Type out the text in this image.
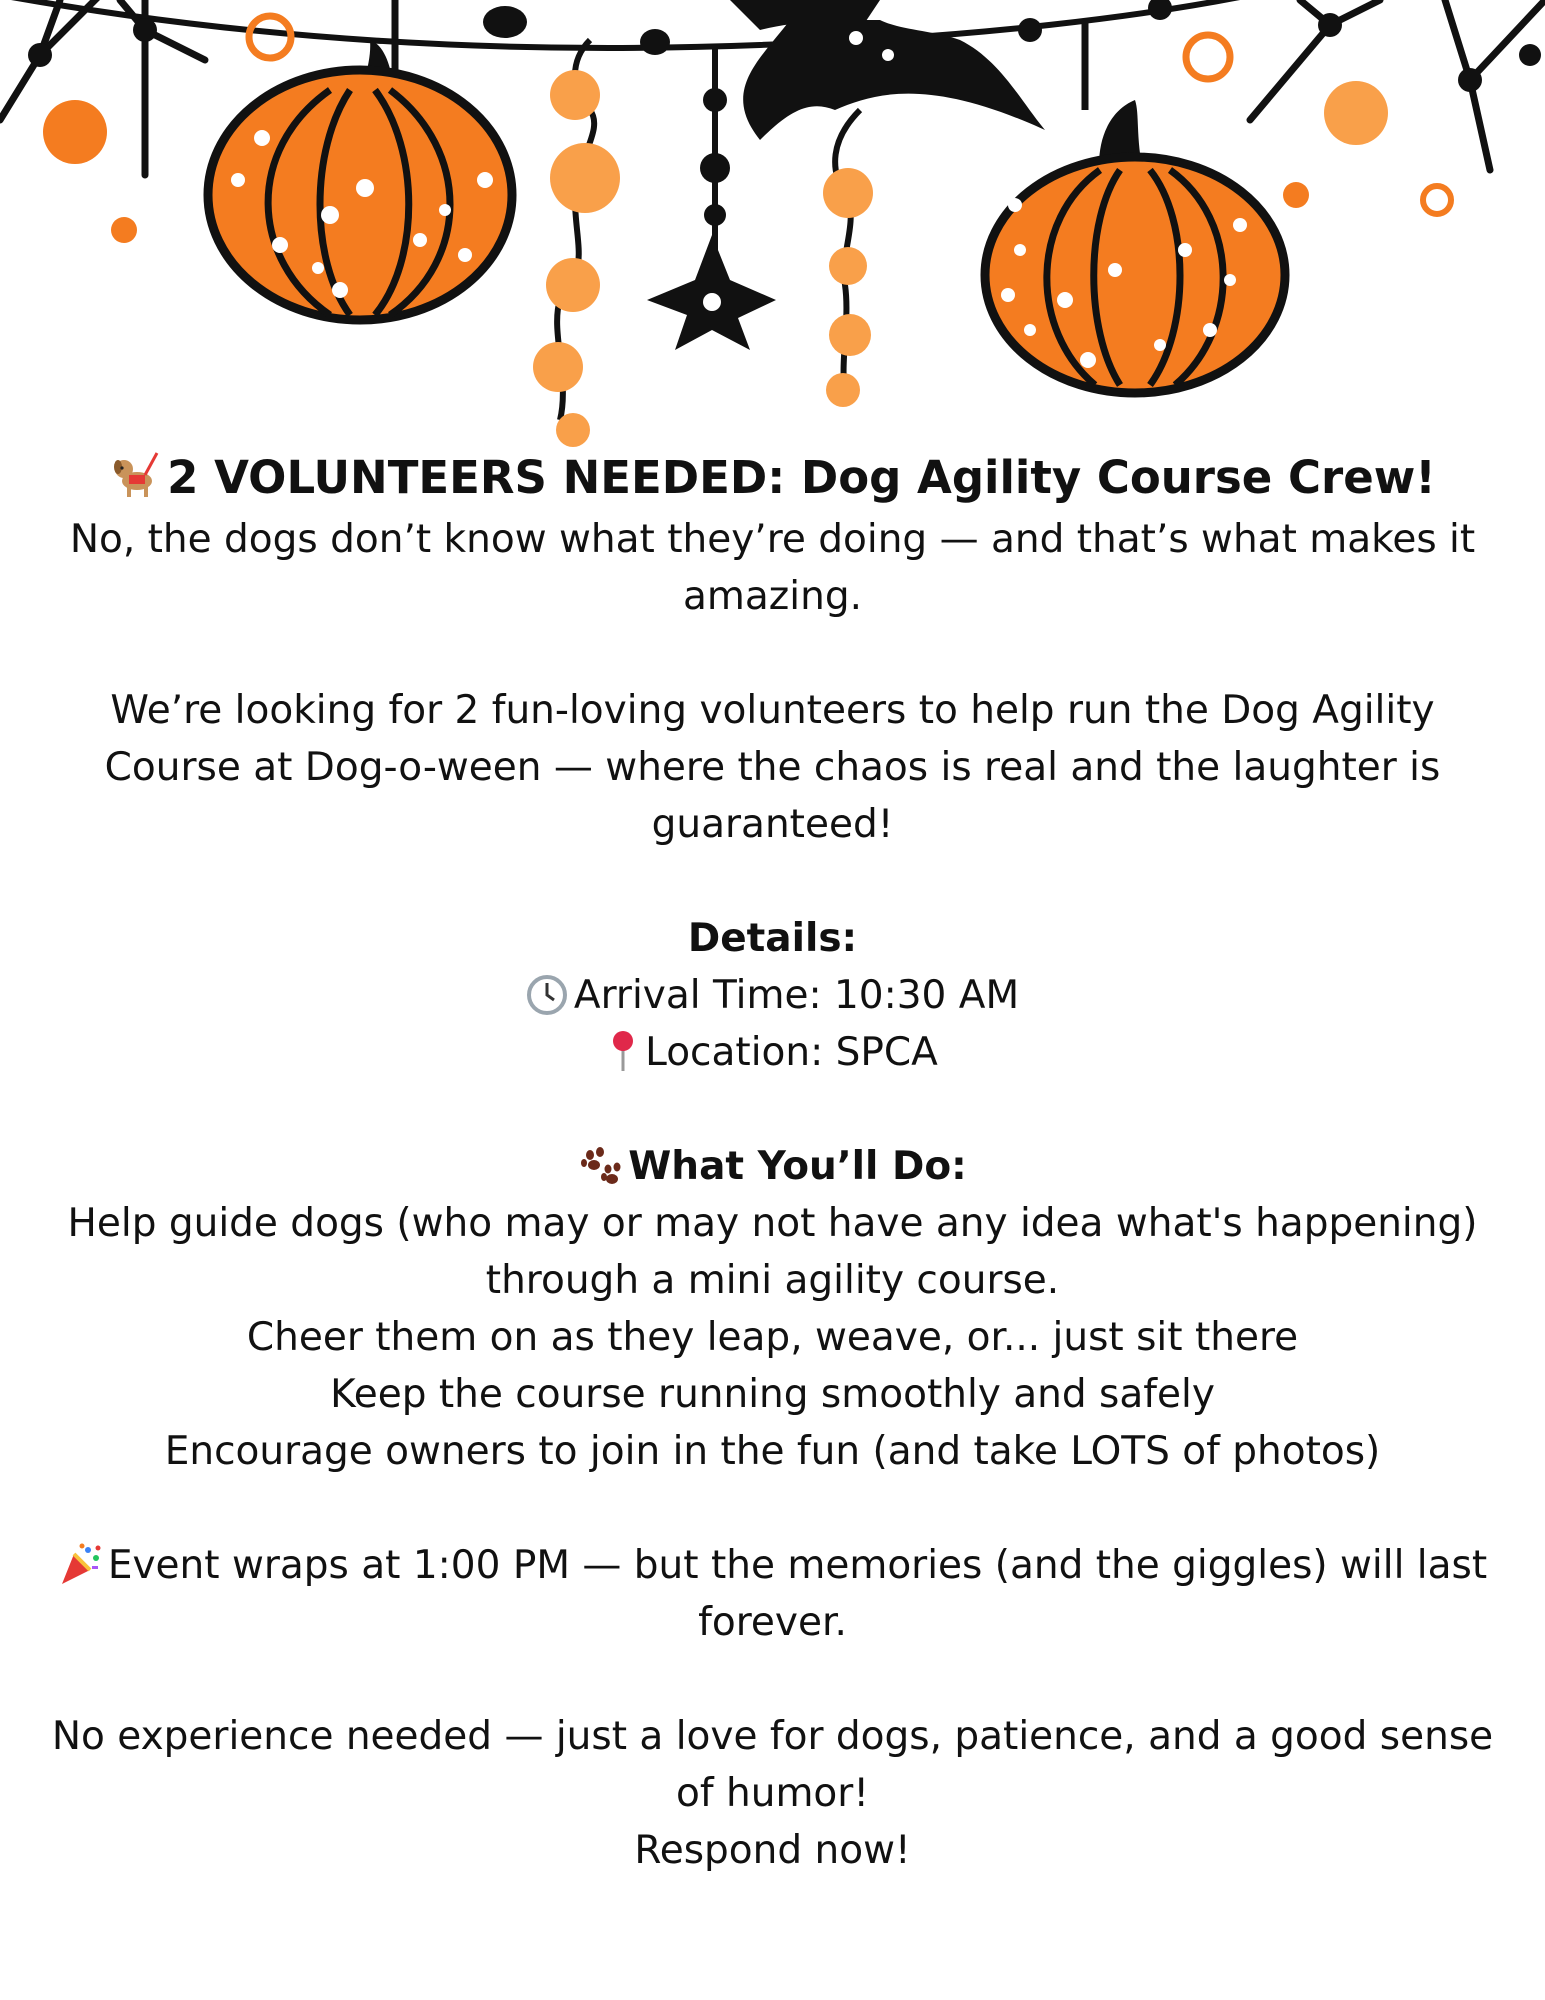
2 VOLUNTEERS NEEDED: Dog Agility Course Crew!

No, the dogs don’t know what they’re doing — and that’s what makes it amazing.

We’re looking for 2 fun-loving volunteers to help run the Dog Agility Course at Dog-o-ween — where the chaos is real and the laughter is guaranteed!

Details:

Arrival Time: 10:30 AM

Location: SPCA

What You’ll Do:

Help guide dogs (who may or may not have any idea what's happening) through a mini agility course.

Cheer them on as they leap, weave, or... just sit there

Keep the course running smoothly and safely

Encourage owners to join in the fun (and take LOTS of photos)

Event wraps at 1:00 PM — but the memories (and the giggles) will last forever.

No experience needed — just a love for dogs, patience, and a good sense of humor!

Respond now!
